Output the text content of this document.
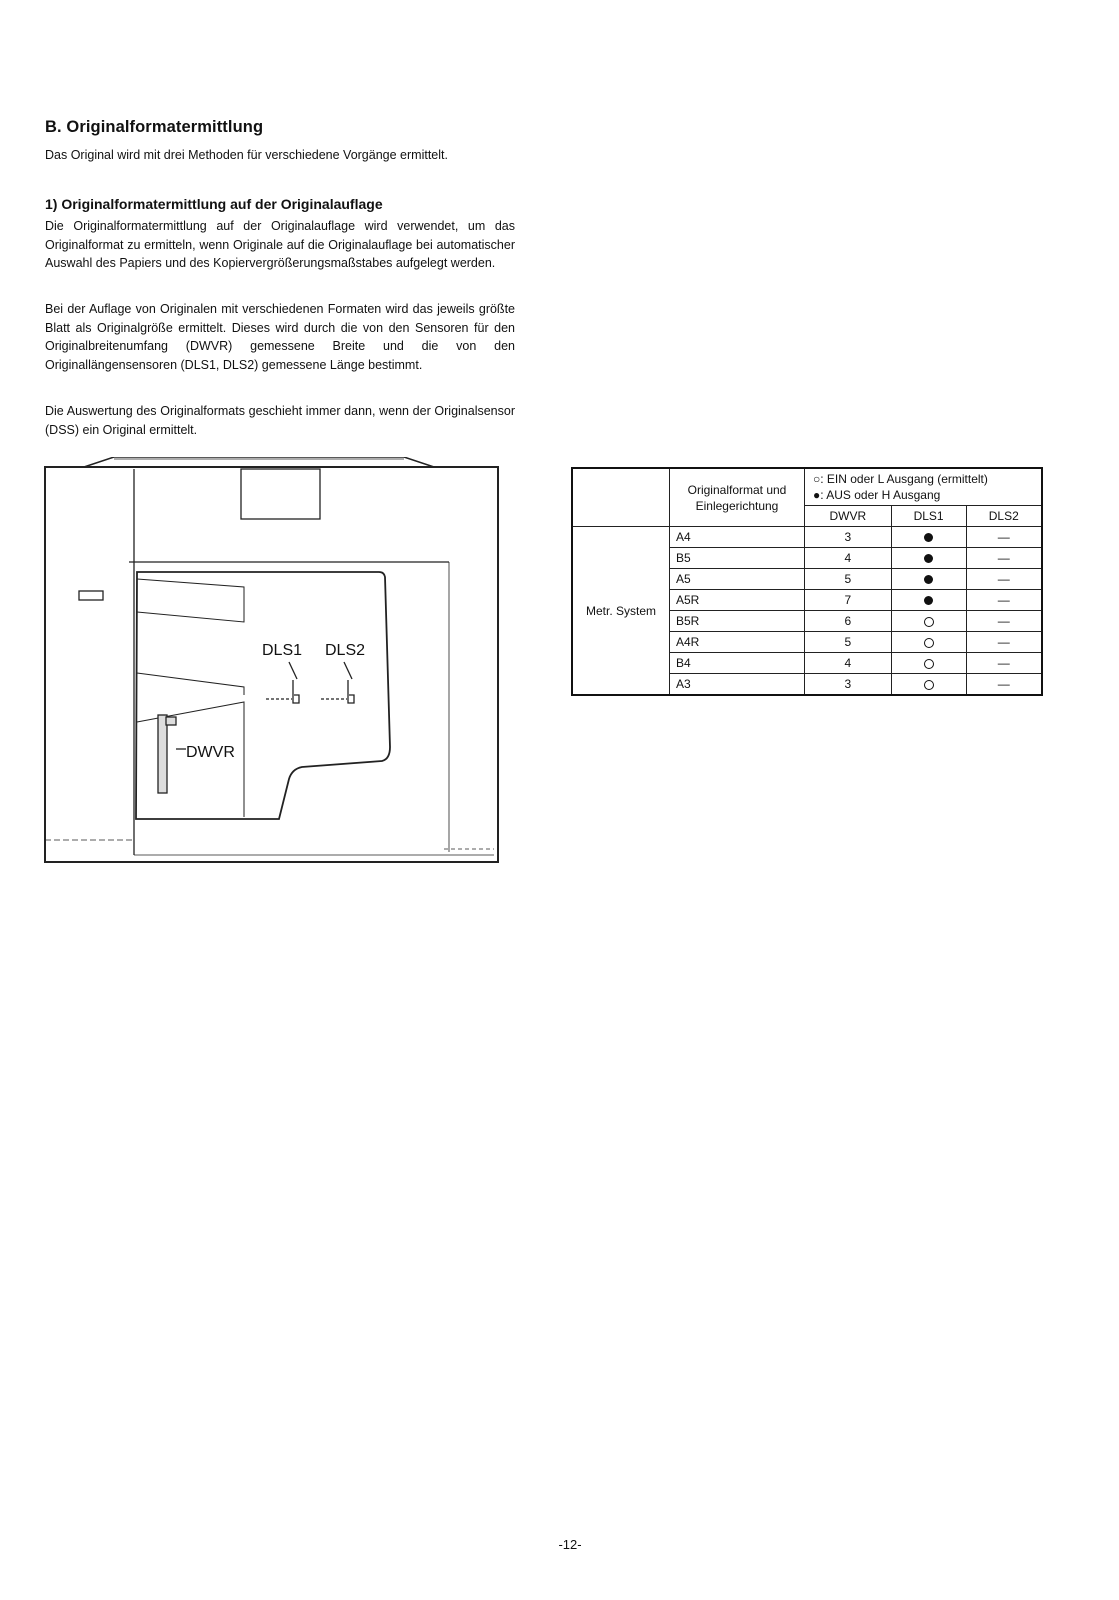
B. Originalformatermittlung

Das Original wird mit drei Methoden für verschiedene Vorgänge ermittelt.

1) Originalformatermittlung auf der Originalauflage

Die Originalformatermittlung auf der Originalauflage wird verwendet, um das Originalformat zu ermitteln, wenn Originale auf die Originalauflage bei automatischer Auswahl des Papiers und des Kopiervergrößerungsmaßstabes aufgelegt werden.

Bei der Auflage von Originalen mit verschiedenen Formaten wird das jeweils größte Blatt als Originalgröße ermittelt. Dieses wird durch die von den Sensoren für den Originalbreitenumfang (DWVR) gemessene Breite und die von den Originallängensensoren (DLS1, DLS2) gemessene Länge bestimmt.

Die Auswertung des Originalformats geschieht immer dann, wenn der Originalsensor (DSS) ein Original ermittelt.

DLS1 DLS2
DWVR
	Originalformat und Einlegerichtung	○: EIN oder L Ausgang (ermittelt)
●: AUS oder H Ausgang		

		DWVR	DLS1	DLS2
Metr. System	A4	3		—
	B5	4		—
	A5	5		—
	A5R	7		—
	B5R	6		—
	A4R	5		—
	B4	4		—
	A3	3		—
-12-
